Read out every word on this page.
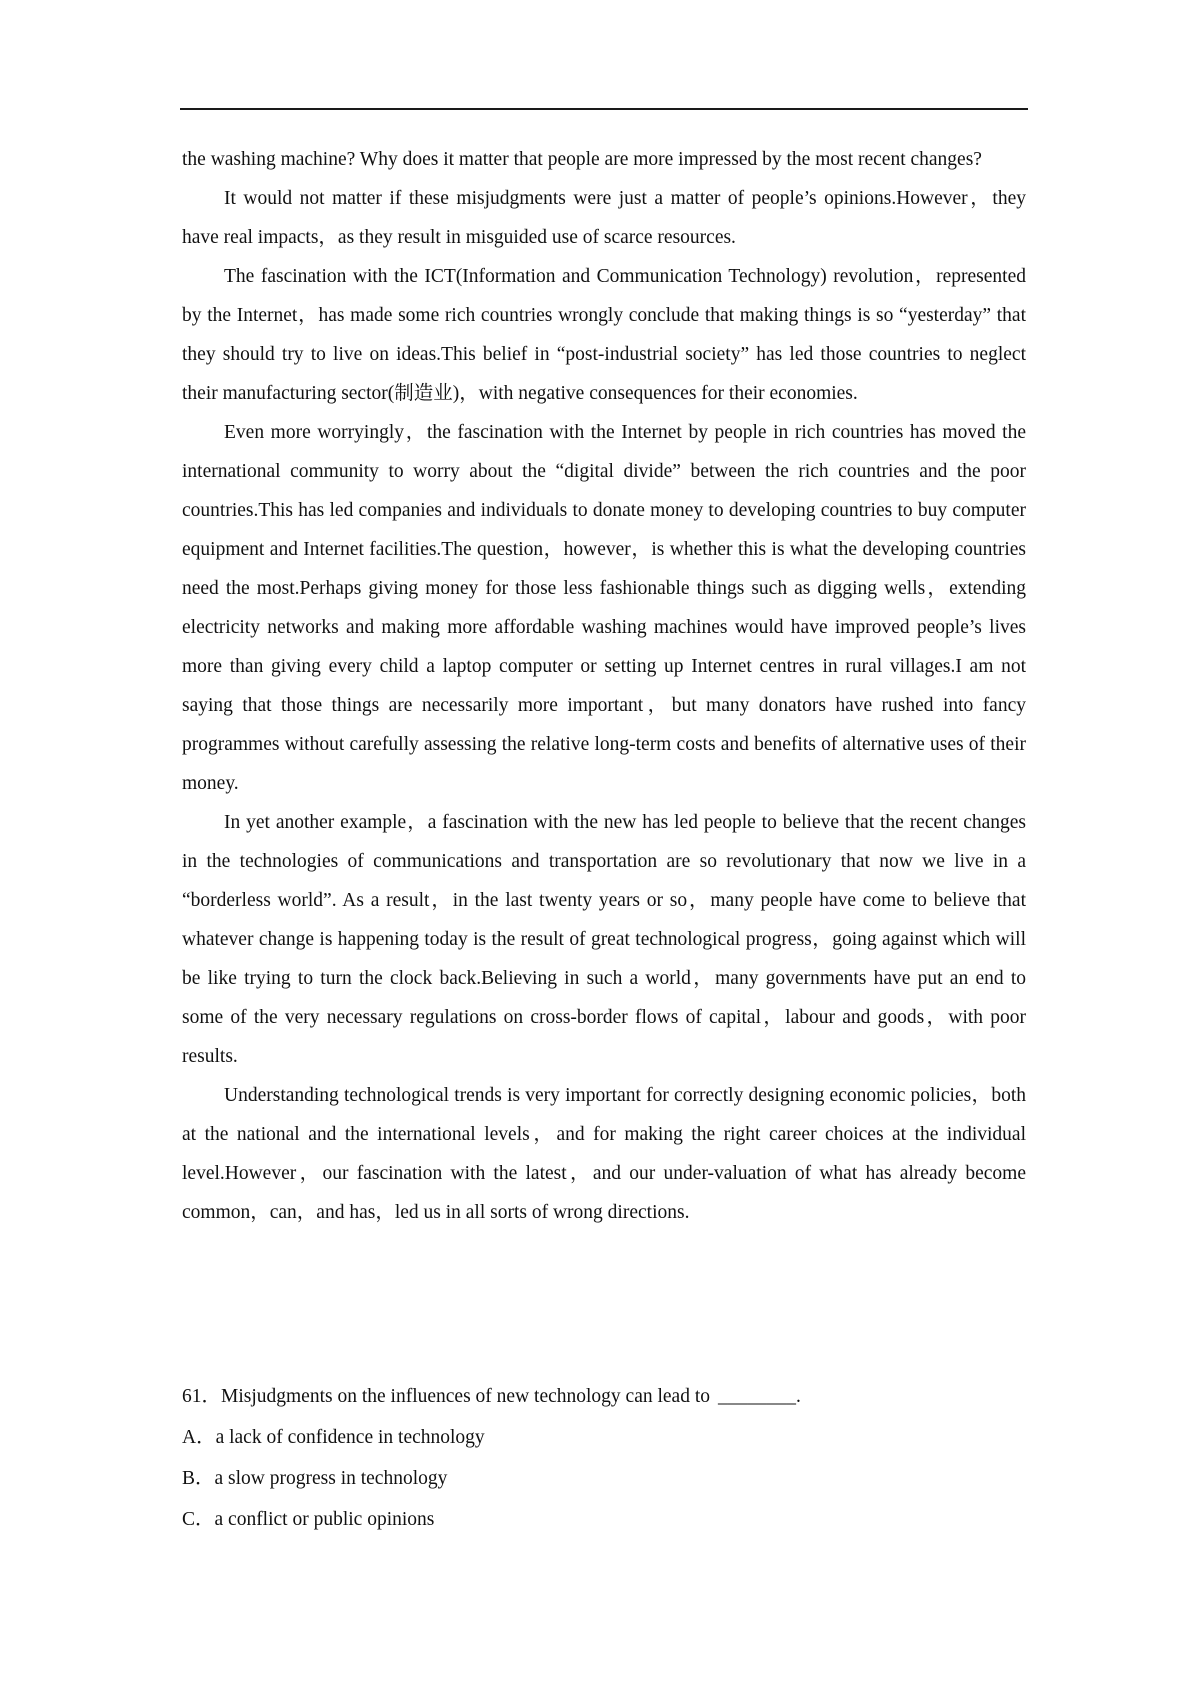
the washing machine? Why does it matter that people are more impressed by the most recent changes?

It would not matter if these misjudgments were just a matter of people’s opinions.However，they have real impacts，as they result in misguided use of scarce resources.

The fascination with the ICT(Information and Communication Technology) revolution，represented by the Internet，has made some rich countries wrongly conclude that making things is so “yesterday” that they should try to live on ideas.This belief in “post-industrial society” has led those countries to neglect their manufacturing sector(制造业)，with negative consequences for their economies.

Even more worryingly，the fascination with the Internet by people in rich countries has moved the international community to worry about the “digital divide” between the rich countries and the poor countries.This has led companies and individuals to donate money to developing countries to buy computer equipment and Internet facilities.The question，however，is whether this is what the developing countries need the most.Perhaps giving money for those less fashionable things such as digging wells，extending electricity networks and making more affordable washing machines would have improved people’s lives more than giving every child a laptop computer or setting up Internet centres in rural villages.I am not saying that those things are necessarily more important，but many donators have rushed into fancy programmes without carefully assessing the relative long-term costs and benefits of alternative uses of their money.

In yet another example，a fascination with the new has led people to believe that the recent changes in the technologies of communications and transportation are so revolutionary that now we live in a “borderless world”. As a result，in the last twenty years or so，many people have come to believe that whatever change is happening today is the result of great technological progress，going against which will be like trying to turn the clock back.Believing in such a world，many governments have put an end to some of the very necessary regulations on cross-border flows of capital，labour and goods，with poor results.

Understanding technological trends is very important for correctly designing economic policies，both at the national and the international levels，and for making the right career choices at the individual level.However，our fascination with the latest，and our under-valuation of what has already become common，can，and has，led us in all sorts of wrong directions.

61．Misjudgments on the influences of new technology can lead to ________.

A．a lack of confidence in technology

B．a slow progress in technology

C．a conflict or public opinions
